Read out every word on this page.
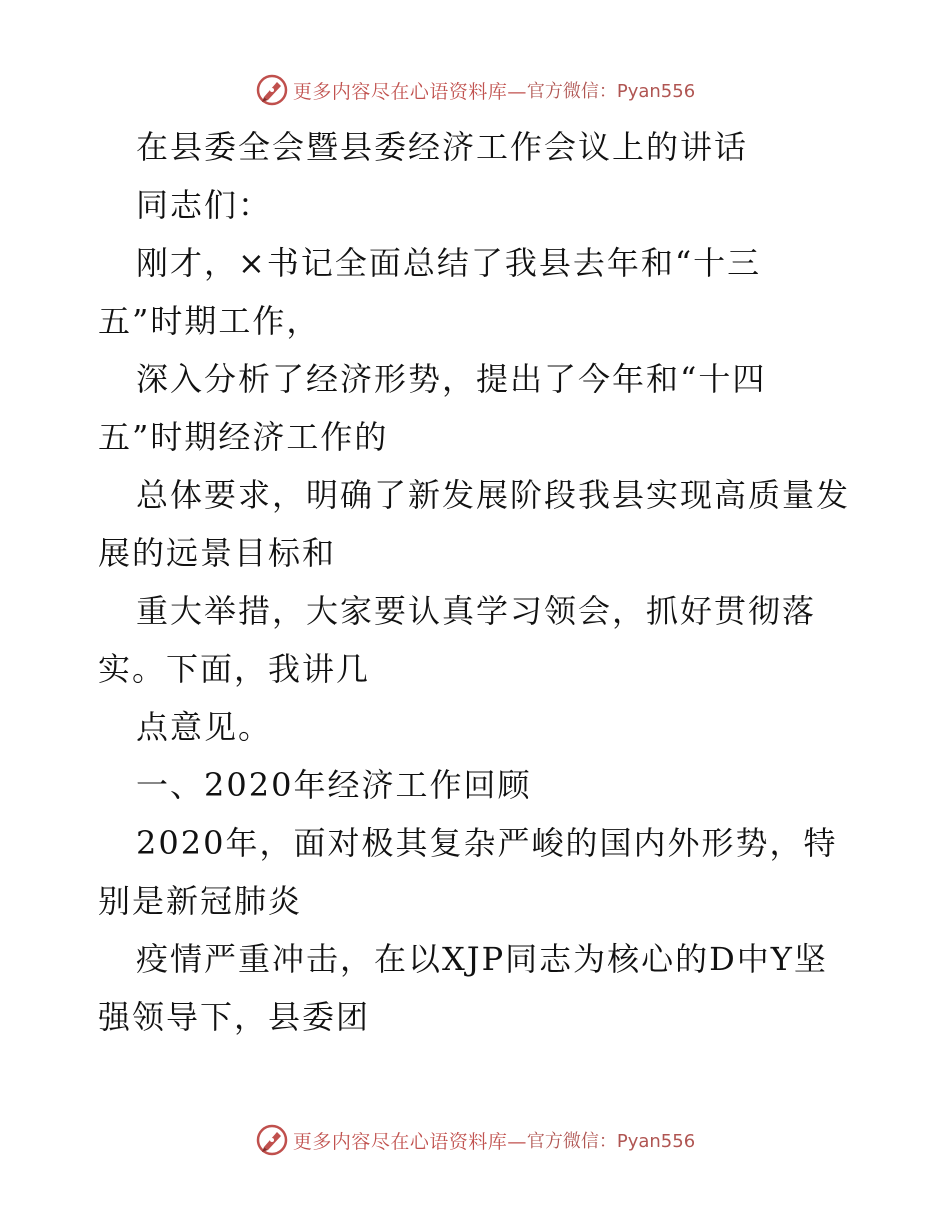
更多内容尽在心语资料库— 官方微信：Pyan556
在县委全会暨县委经济工作会议上的讲话
同志们：
刚才，×书记全面总结了我县去年和“十三
五”时期工作，
深入分析了经济形势，提出了今年和“十四
五”时期经济工作的
总体要求，明确了新发展阶段我县实现高质量发
展的远景目标和
重大举措，大家要认真学习领会，抓好贯彻落
实。下面，我讲几
点意见。
一、2020年经济工作回顾
2020年，面对极其复杂严峻的国内外形势，特
别是新冠肺炎
疫情严重冲击，在以XJP同志为核心的D中Y坚
强领导下，县委团
更多内容尽在心语资料库— 官方微信：Pyan556
